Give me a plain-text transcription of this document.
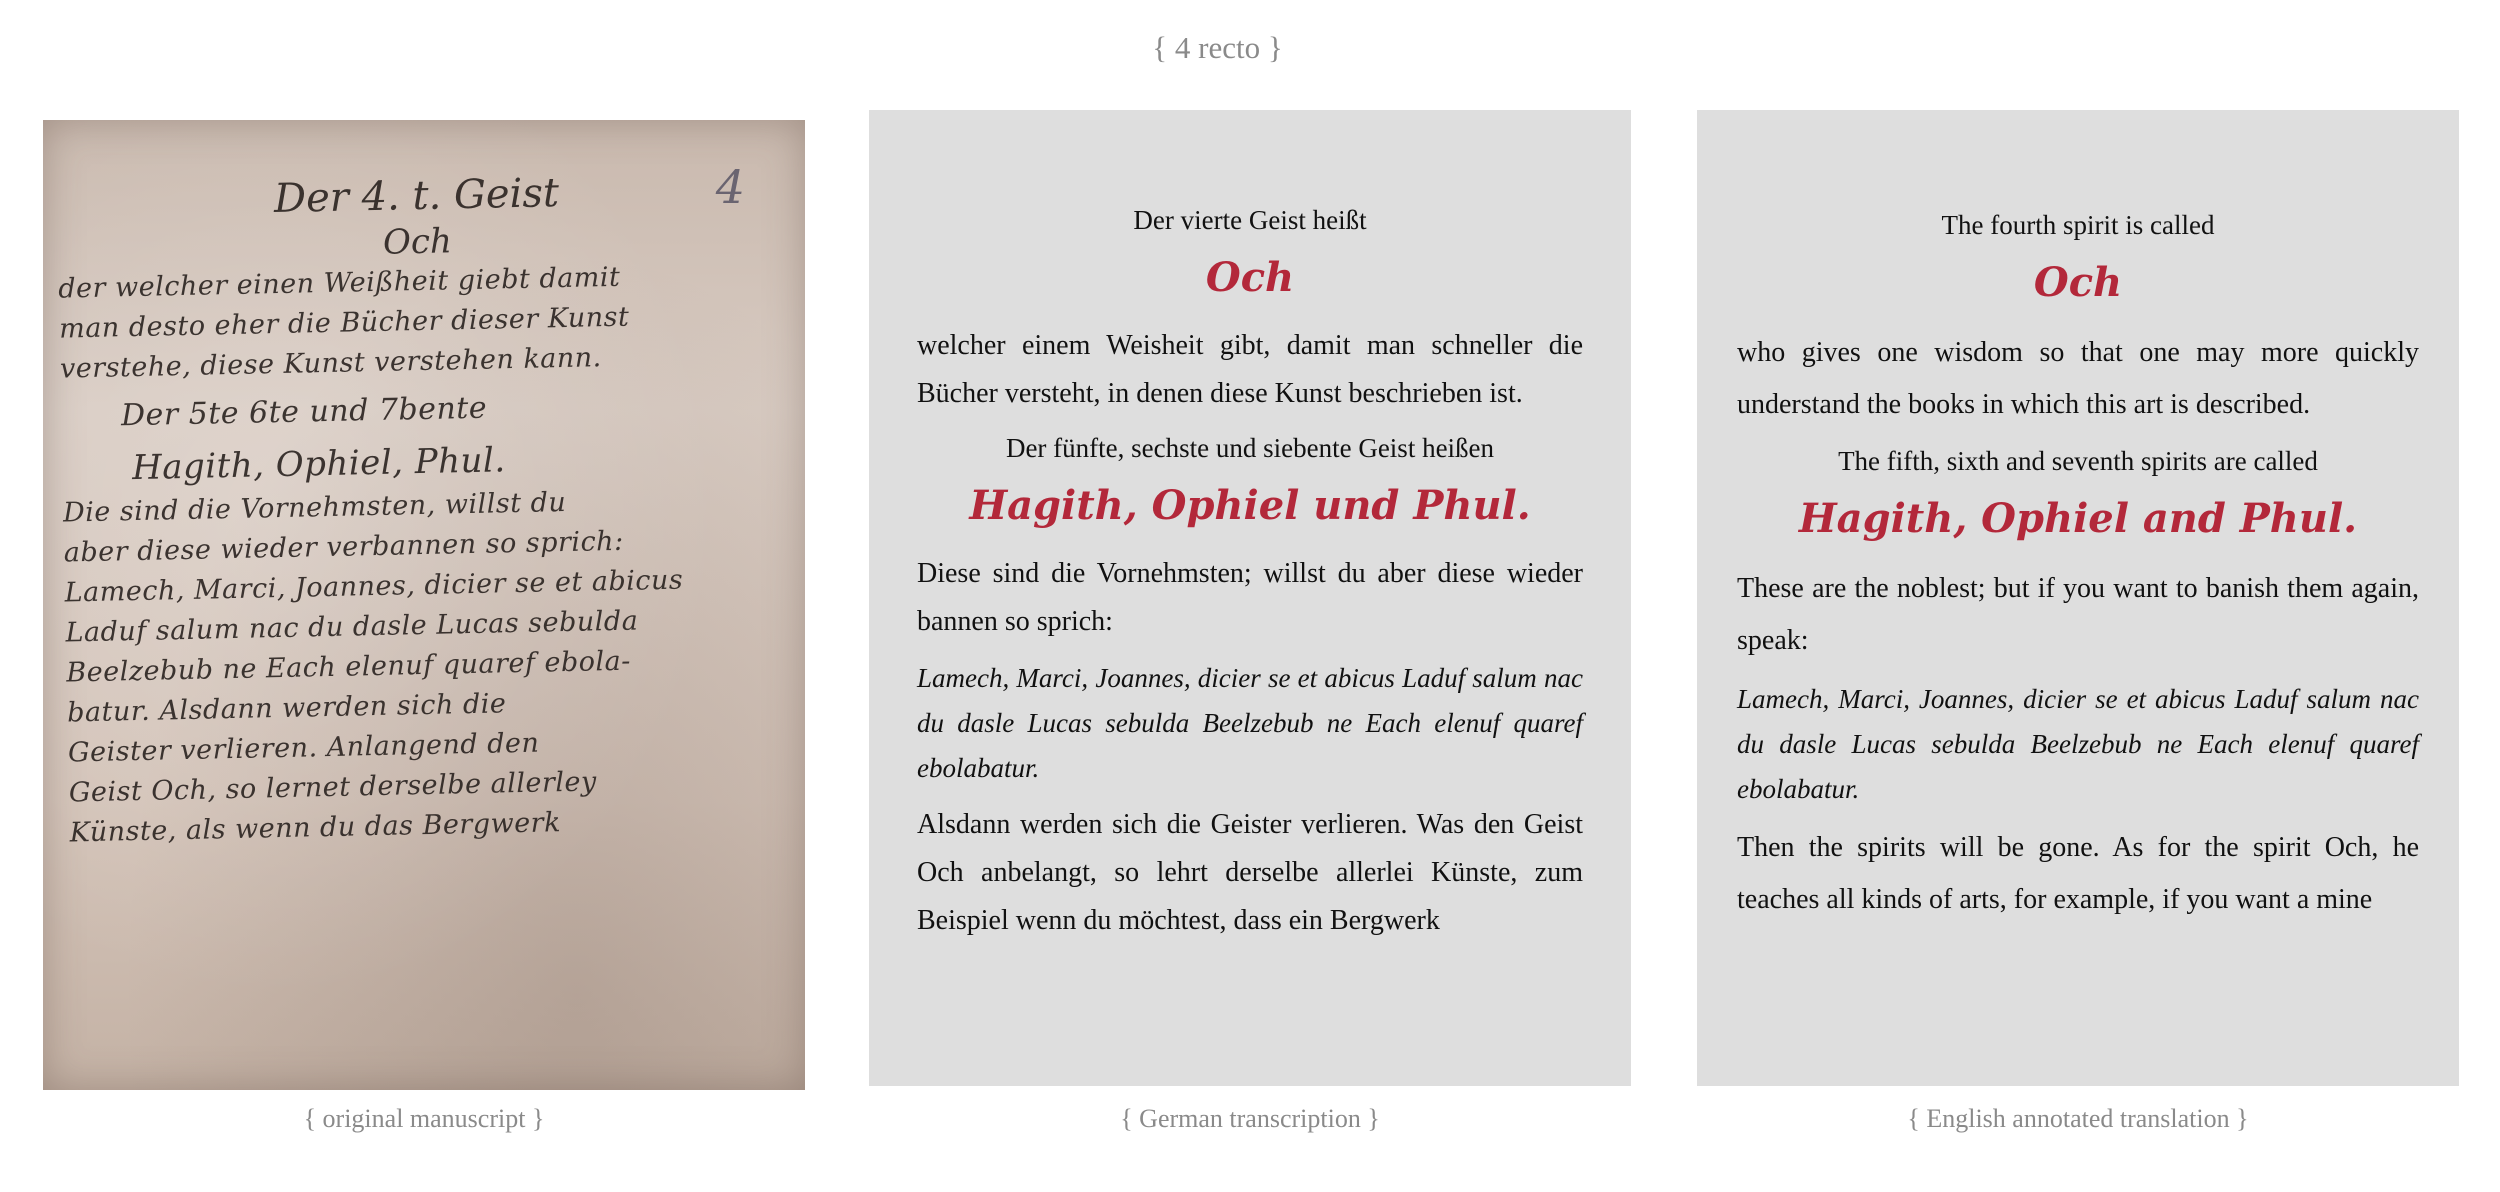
{ 4 recto }
4
Der 4. t. Geist
Och
der welcher einen Weißheit giebt damit
man desto eher die Bücher dieser Kunst
verstehe, diese Kunst verstehen kann.
Der 5te 6te und 7bente
Hagith, Ophiel, Phul.
Die sind die Vornehmsten, willst du
aber diese wieder verbannen so sprich:
Lamech, Marci, Joannes, dicier se et abicus
Laduf salum nac du dasle Lucas sebulda
Beelzebub ne Each elenuf quaref ebola-
batur. Alsdann werden sich die
Geister verlieren. Anlangend den
Geist Och, so lernet derselbe allerley
Künste, als wenn du das Bergwerk
{ original manuscript }

Der vierte Geist heißt

Och

welcher einem Weisheit gibt, damit man schneller die Bücher versteht, in denen diese Kunst beschrieben ist.

Der fünfte, sechste und siebente Geist heißen

Hagith, Ophiel und Phul.

Diese sind die Vornehmsten; willst du aber diese wieder bannen so sprich:

Lamech, Marci, Joannes, dicier se et abicus Laduf salum nac du dasle Lucas sebulda Beelzebub ne Each elenuf quaref ebolabatur.

Alsdann werden sich die Geister verlieren. Was den Geist Och anbelangt, so lehrt derselbe allerlei Künste, zum Beispiel wenn du möchtest, dass ein Bergwerk

{ German transcription }

The fourth spirit is called

Och

who gives one wisdom so that one may more quickly understand the books in which this art is described.

The fifth, sixth and seventh spirits are called

Hagith, Ophiel and Phul.

These are the noblest; but if you want to banish them again, speak:

Lamech, Marci, Joannes, dicier se et abicus Laduf salum nac du dasle Lucas sebulda Beelzebub ne Each elenuf quaref ebolabatur.

Then the spirits will be gone. As for the spirit Och, he teaches all kinds of arts, for example, if you want a mine

{ English annotated translation }
